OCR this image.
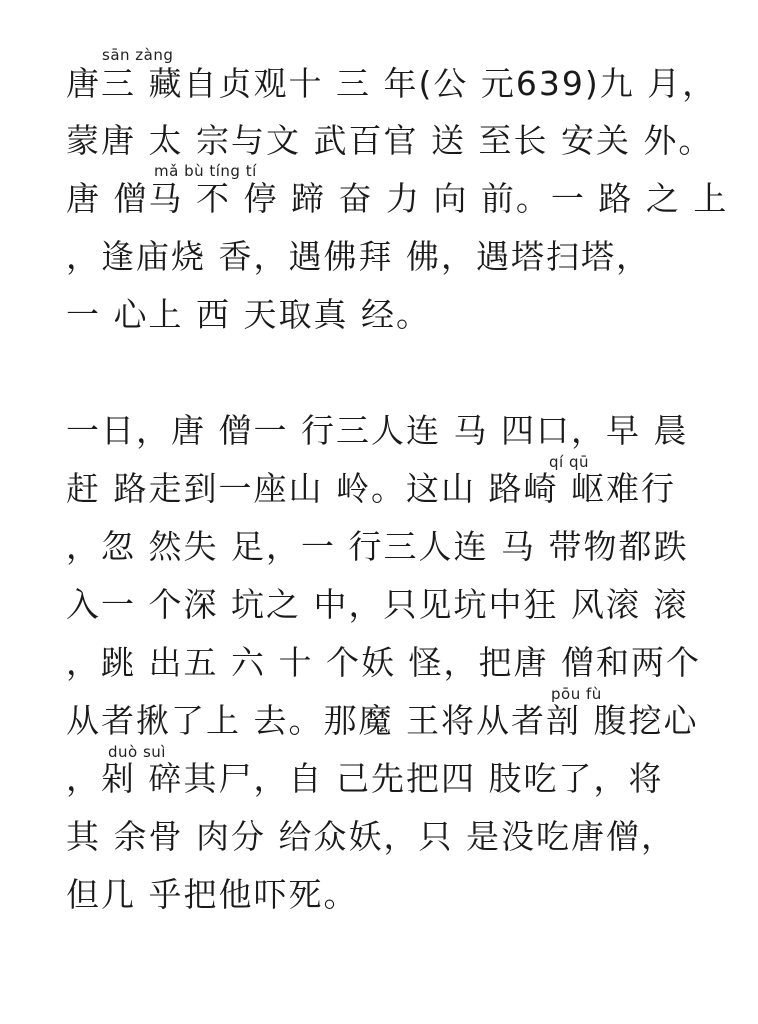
sān zàng
唐三 藏自贞观十 三 年(公 元639)九 月，
蒙唐 太 宗与文 武百官 送 至长 安关 外。
mǎ bù tíng tí
唐 僧马 不 停 蹄 奋 力 向 前。一 路 之 上
，逢庙烧 香，遇佛拜 佛，遇塔扫塔，
一 心上 西 天取真 经。
一日，唐 僧一 行三人连 马 四口，早 晨
qí qū
赶 路走到一座山 岭。这山 路崎 岖难行
，忽 然失 足，一 行三人连 马 带物都跌
入一 个深 坑之 中，只见坑中狂 风滚 滚
，跳 出五 六 十 个妖 怪，把唐 僧和两个
pōu fù
从者揪了上 去。那魔 王将从者剖 腹挖心
duò suì
，剁 碎其尸，自 己先把四 肢吃了，将
其 余骨 肉分 给众妖，只 是没吃唐僧，
但几 乎把他吓死。
